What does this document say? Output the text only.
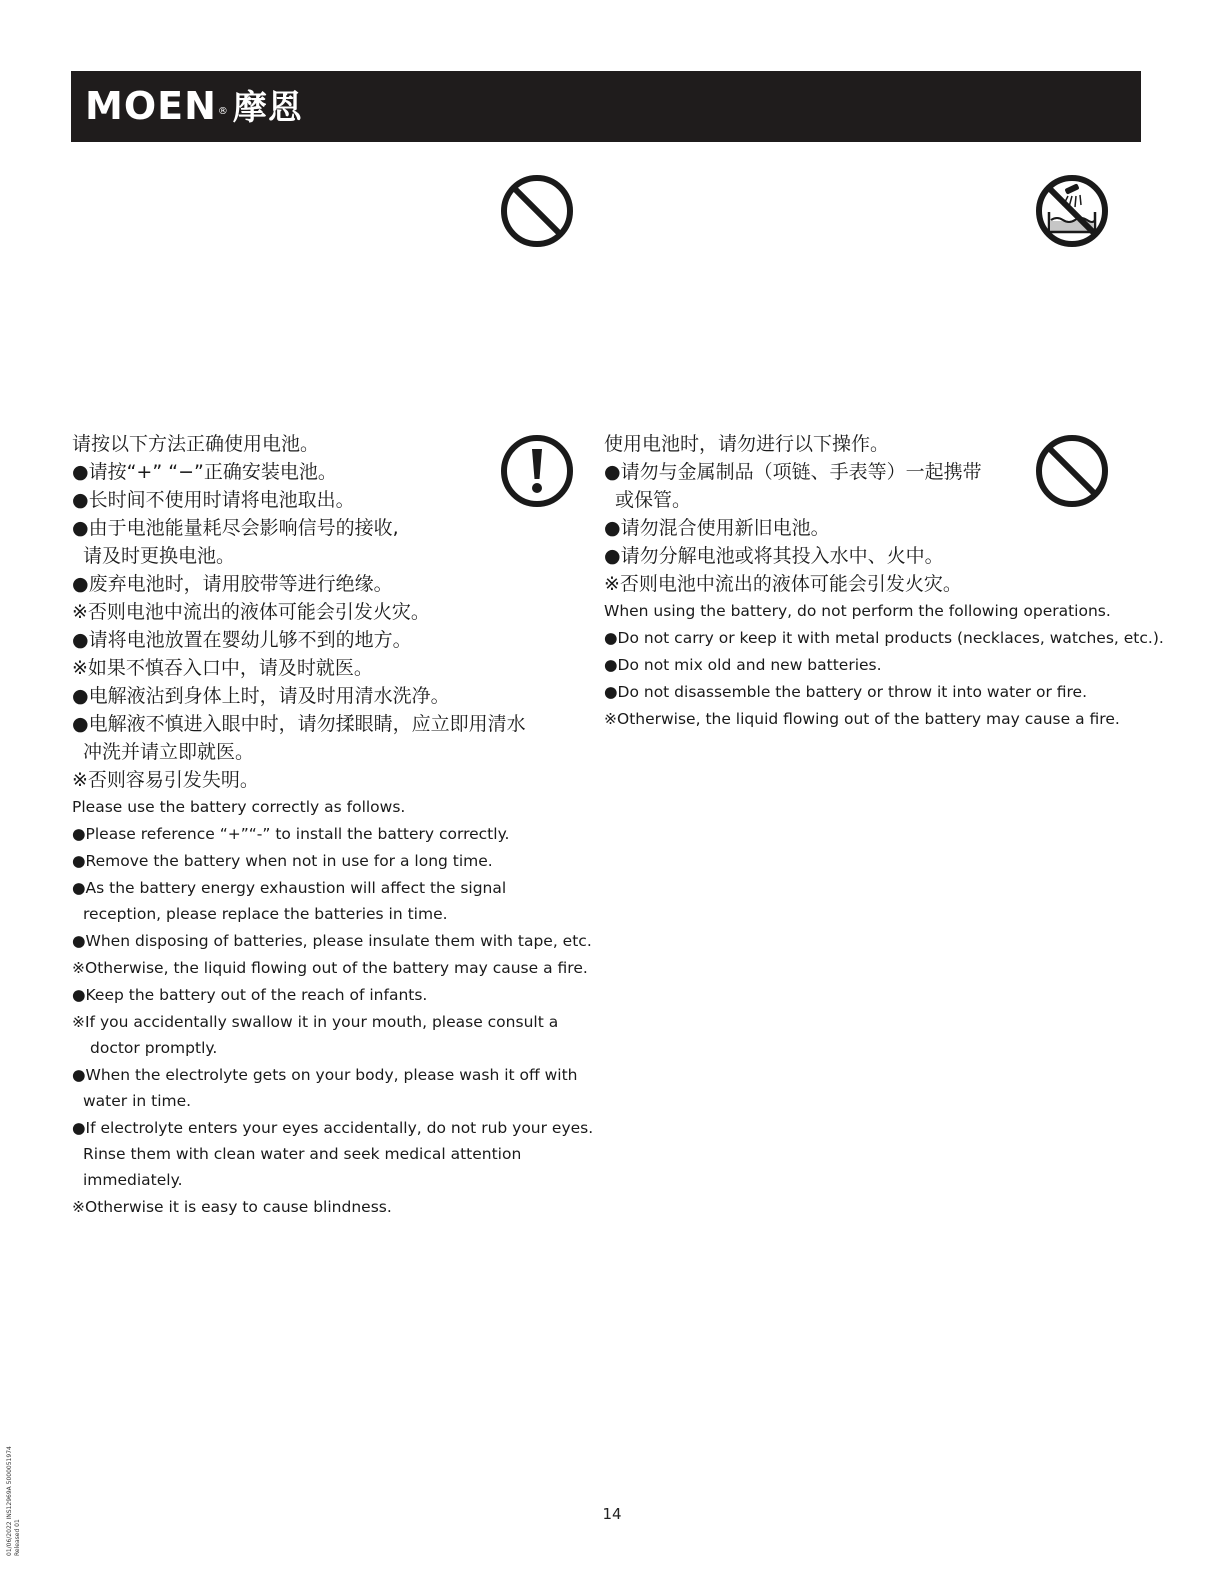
MOEN® 摩恩
请按以下方法正确使用电池。
●请按“+” “−”正确安装电池。
●长时间不使用时请将电池取出。
●由于电池能量耗尽会影响信号的接收,
请及时更换电池。
●废弃电池时，请用胶带等进行绝缘。
※否则电池中流出的液体可能会引发火灾。
●请将电池放置在婴幼儿够不到的地方。
※如果不慎吞入口中，请及时就医。
●电解液沾到身体上时，请及时用清水洗净。
●电解液不慎进入眼中时，请勿揉眼睛，应立即用清水
冲洗并请立即就医。
※否则容易引发失明。
Please use the battery correctly as follows.
●Please reference “+”“-” to install the battery correctly.
●Remove the battery when not in use for a long time.
●As the battery energy exhaustion will affect the signal
reception, please replace the batteries in time.
●When disposing of batteries, please insulate them with tape, etc.
※Otherwise, the liquid flowing out of the battery may cause a fire.
●Keep the battery out of the reach of infants.
※If you accidentally swallow it in your mouth, please consult a
doctor promptly.
●When the electrolyte gets on your body, please wash it off with
water in time.
●If electrolyte enters your eyes accidentally, do not rub your eyes.
Rinse them with clean water and seek medical attention
immediately.
※Otherwise it is easy to cause blindness.
使用电池时，请勿进行以下操作。
●请勿与金属制品（项链、手表等）一起携带
或保管。
●请勿混合使用新旧电池。
●请勿分解电池或将其投入水中、火中。
※否则电池中流出的液体可能会引发火灾。
When using the battery, do not perform the following operations.
●Do not carry or keep it with metal products (necklaces, watches, etc.).
●Do not mix old and new batteries.
●Do not disassemble the battery or throw it into water or fire.
※Otherwise, the liquid flowing out of the battery may cause a fire.
14
01/06/2022 INS12969A 5000051974 Released 01
